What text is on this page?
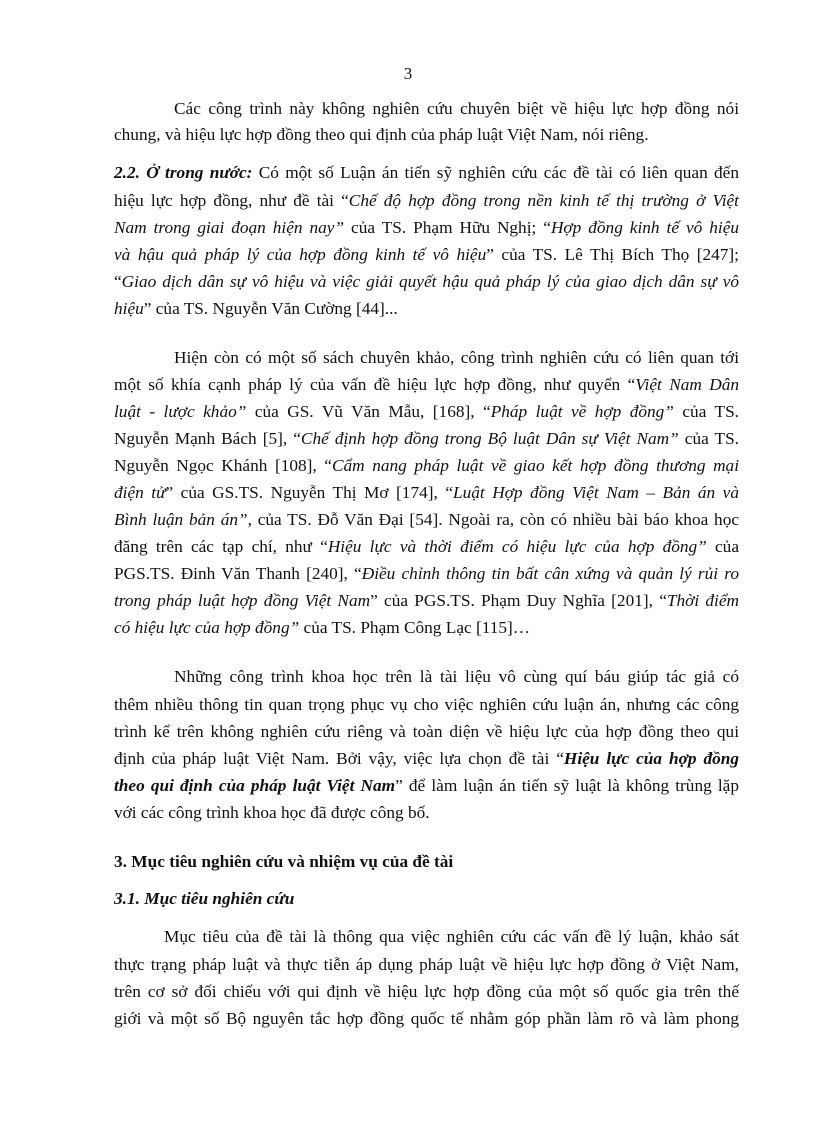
3
Các công trình này không nghiên cứu chuyên biệt về hiệu lực hợp đồng nói
chung, và hiệu lực hợp đồng theo qui định của pháp luật Việt Nam, nói riêng.
2.2. Ở trong nước: Có một số Luận án tiến sỹ nghiên cứu các đề tài có liên quan đến
hiệu lực hợp đồng, như đề tài “Chế độ hợp đồng trong nền kinh tế thị trường ở Việt
Nam trong giai đoạn hiện nay” của TS. Phạm Hữu Nghị; “Hợp đồng kinh tế vô hiệu
và hậu quả pháp lý của hợp đồng kinh tế vô hiệu” của TS. Lê Thị Bích Thọ [247];
“Giao dịch dân sự vô hiệu và việc giải quyết hậu quả pháp lý của giao dịch dân sự vô
hiệu” của TS. Nguyễn Văn Cường [44]...
Hiện còn có một số sách chuyên khảo, công trình nghiên cứu có liên quan tới
một số khía cạnh pháp lý của vấn đề hiệu lực hợp đồng, như quyển “Việt Nam Dân
luật - lược khảo” của GS. Vũ Văn Mẫu, [168], “Pháp luật về hợp đồng” của TS.
Nguyễn Mạnh Bách [5], “Chế định hợp đồng trong Bộ luật Dân sự Việt Nam” của TS.
Nguyễn Ngọc Khánh [108], “Cẩm nang pháp luật về giao kết hợp đồng thương mại
điện tử” của GS.TS. Nguyễn Thị Mơ [174], “Luật Hợp đồng Việt Nam – Bản án và
Bình luận bản án”, của TS. Đỗ Văn Đại [54]. Ngoài ra, còn có nhiều bài báo khoa học
đăng trên các tạp chí, như “Hiệu lực và thời điểm có hiệu lực của hợp đồng” của
PGS.TS. Đinh Văn Thanh [240], “Điều chỉnh thông tin bất cân xứng và quản lý rủi ro
trong pháp luật hợp đồng Việt Nam” của PGS.TS. Phạm Duy Nghĩa [201], “Thời điểm
có hiệu lực của hợp đồng” của TS. Phạm Công Lạc [115]…
Những công trình khoa học trên là tài liệu vô cùng quí báu giúp tác giả có
thêm nhiều thông tin quan trọng phục vụ cho việc nghiên cứu luận án, nhưng các công
trình kể trên không nghiên cứu riêng và toàn diện về hiệu lực của hợp đồng theo qui
định của pháp luật Việt Nam. Bởi vậy, việc lựa chọn đề tài “Hiệu lực của hợp đồng
theo qui định của pháp luật Việt Nam” để làm luận án tiến sỹ luật là không trùng lặp
với các công trình khoa học đã được công bố.
3. Mục tiêu nghiên cứu và nhiệm vụ của đề tài
3.1. Mục tiêu nghiên cứu
Mục tiêu của đề tài là thông qua việc nghiên cứu các vấn đề lý luận, khảo sát
thực trạng pháp luật và thực tiễn áp dụng pháp luật về hiệu lực hợp đồng ở Việt Nam,
trên cơ sở đối chiếu với qui định về hiệu lực hợp đồng của một số quốc gia trên thế
giới và một số Bộ nguyên tắc hợp đồng quốc tế nhằm góp phần làm rõ và làm phong
